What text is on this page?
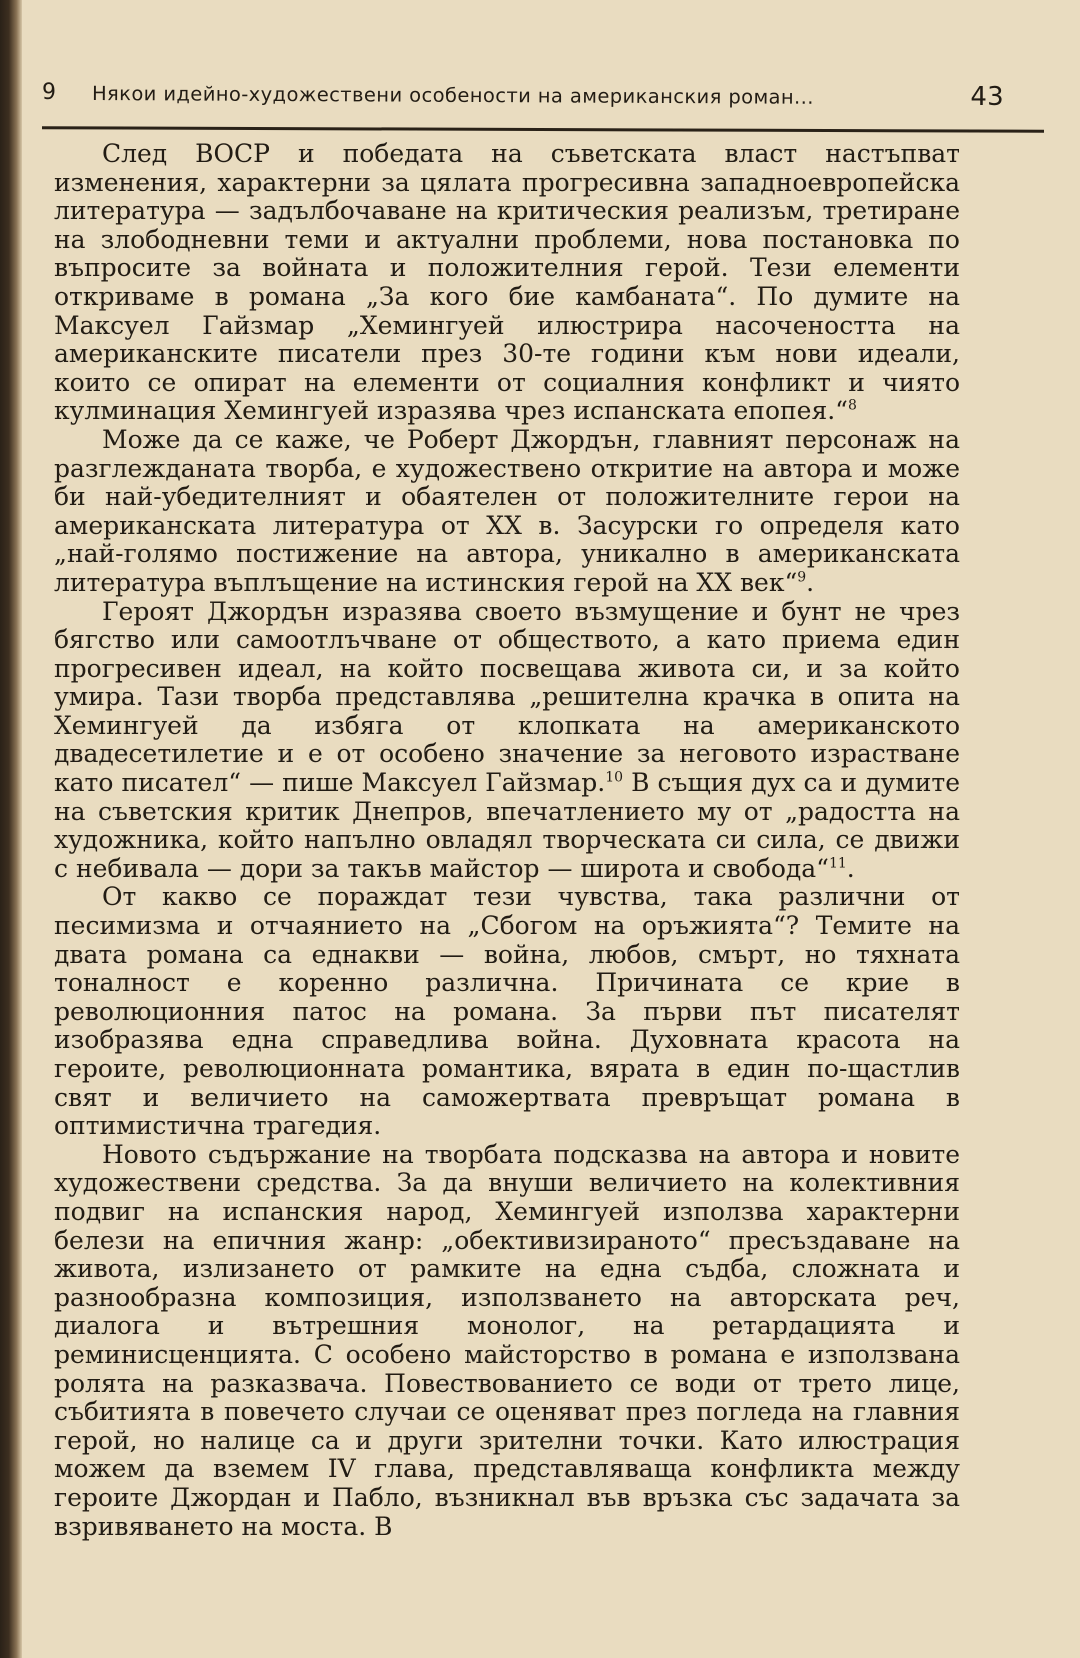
9 Някои идейно-художествени особености на американския роман...	43

След ВОСР и победата на съветската власт настъпват изменения, характерни за цялата прогресивна западноевропейска литература — задълбочаване на критическия реализъм, третиране на злободневни теми и актуални проблеми, нова постановка по въпросите за войната и положителния герой. Тези елементи откриваме в романа „За кого бие камбаната“. По думите на Максуел Гайзмар „Хемингуей илюстрира насочеността на американските писатели през 30-те години към нови идеали, които се опират на елементи от социалния конфликт и чиято кулминация Хемингуей изразява чрез испанската епопея.“$^8$

Може да се каже, че Роберт Джордън, главният персонаж на разглежданата творба, е художествено откритие на автора и може би най-убедителният и обаятелен от положителните герои на американската литература от XX в. Засурски го определя като „най-голямо постижение на автора, уникално в американската литература въплъщение на истинския герой на XX век“$^9$.

Героят Джордън изразява своето възмущение и бунт не чрез бягство или самоотлъчване от обществото, а като приема един прогресивен идеал, на който посвещава живота си, и за който умира. Тази творба представлява „решителна крачка в опита на Хемингуей да избяга от клопката на американското двадесетилетие и е от особено значение за неговото израстване като писател“ — пише Максуел Гайзмар.$^{10}$ В същия дух са и думите на съветския критик Днепров, впечатлението му от „радостта на художника, който напълно овладял творческата си сила, се движи с небивала — дори за такъв майстор — широта и свобода“$^{11}$.

От какво се пораждат тези чувства, така различни от песимизма и отчаянието на „Сбогом на оръжията“? Темите на двата романа са еднакви — война, любов, смърт, но тяхната тоналност е коренно различна. Причината се крие в революционния патос на романа. За първи път писателят изобразява една справедлива война. Духовната красота на героите, революционната романтика, вярата в един по-щастлив свят и величието на саможертвата превръщат романа в оптимистична трагедия.

Новото съдържание на творбата подсказва на автора и новите художествени средства. За да внуши величието на колективния подвиг на испанския народ, Хемингуей използва характерни белези на епичния жанр: „обективизираното“ пресъздаване на живота, излизането от рамките на една съдба, сложната и разнообразна композиция, използването на авторската реч, диалога и вътрешния монолог, на ретардацията и реминисценцията. С особено майсторство в романа е използвана ролята на разказвача. Повествованието се води от трето лице, събитията в повечето случаи се оценяват през погледа на главния герой, но налице са и други зрителни точки. Като илюстрация можем да вземем IV глава, представляваща конфликта между героите Джордан и Пабло, възникнал във връзка със задачата за взривяването на моста. В
